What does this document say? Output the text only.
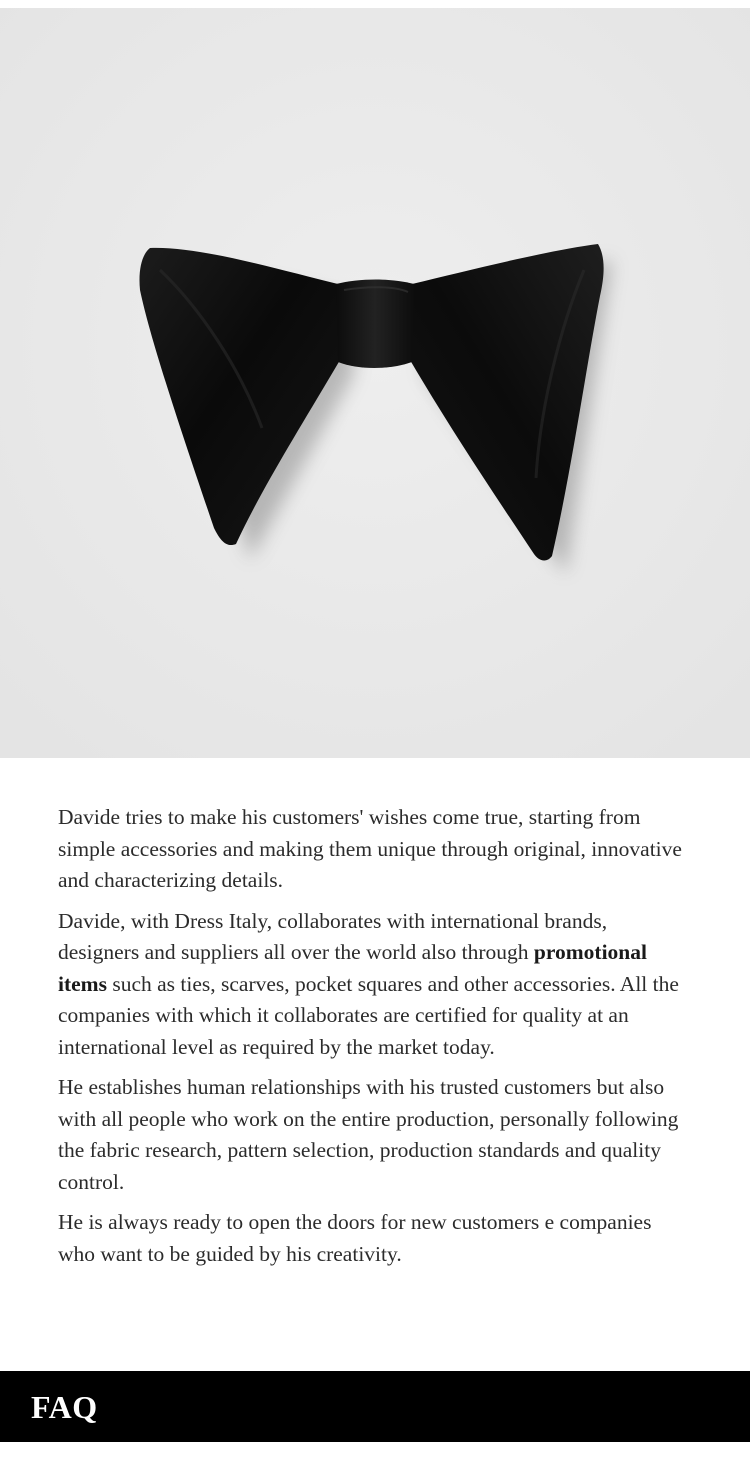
Davide tries to make his customers' wishes come true, starting from simple accessories and making them unique through original, innovative and characterizing details.

Davide, with Dress Italy, collaborates with international brands, designers and suppliers all over the world also through promotional items such as ties, scarves, pocket squares and other accessories. All the companies with which it collaborates are certified for quality at an international level as required by the market today.

He establishes human relationships with his trusted customers but also with all people who work on the entire production, personally following the fabric research, pattern selection, production standards and quality control.

He is always ready to open the doors for new customers e companies who want to be guided by his creativity.

FAQ
